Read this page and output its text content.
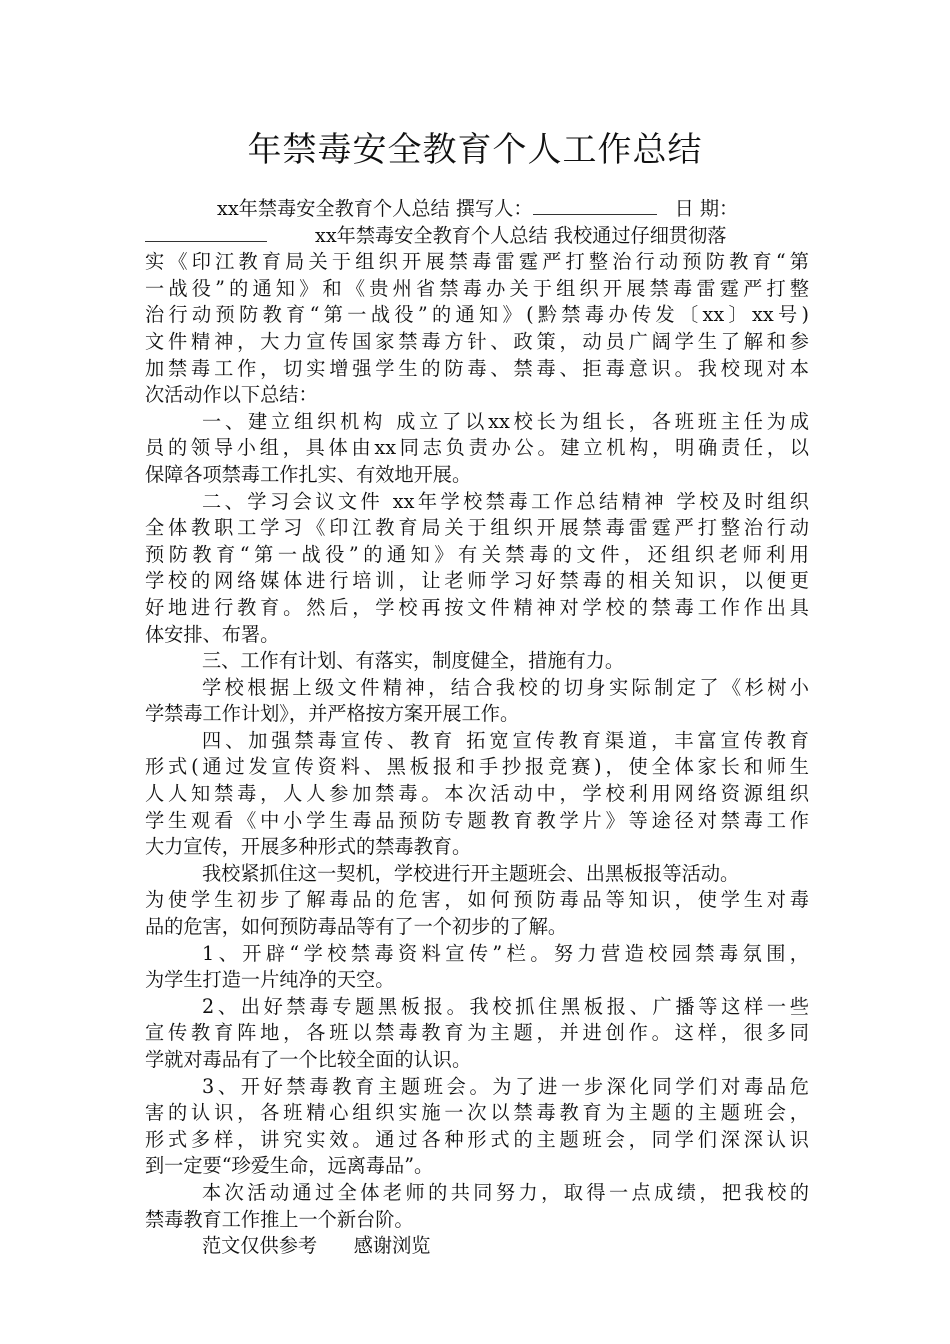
年禁毒安全教育个人工作总结
xx年禁毒安全教育个人总结 撰写人：	日 期：
xx年禁毒安全教育个人总结 我校通过仔细贯彻落
实《印江教育局关于组织开展禁毒雷霆严打整治行动预防教育“第
一战役”的通知》和《贵州省禁毒办关于组织开展禁毒雷霆严打整
治行动预防教育“第一战役”的通知》(黔禁毒办传发〔xx〕xx号)
文件精神，大力宣传国家禁毒方针、政策，动员广阔学生了解和参
加禁毒工作，切实增强学生的防毒、禁毒、拒毒意识。我校现对本
次活动作以下总结：
一、建立组织机构 成立了以xx校长为组长，各班班主任为成
员的领导小组，具体由xx同志负责办公。建立机构，明确责任，以
保障各项禁毒工作扎实、有效地开展。
二、学习会议文件 xx年学校禁毒工作总结精神 学校及时组织
全体教职工学习《印江教育局关于组织开展禁毒雷霆严打整治行动
预防教育“第一战役”的通知》有关禁毒的文件，还组织老师利用
学校的网络媒体进行培训，让老师学习好禁毒的相关知识，以便更
好地进行教育。然后，学校再按文件精神对学校的禁毒工作作出具
体安排、布署。
三、工作有计划、有落实，制度健全，措施有力。
学校根据上级文件精神，结合我校的切身实际制定了《杉树小
学禁毒工作计划》，并严格按方案开展工作。
四、加强禁毒宣传、教育 拓宽宣传教育渠道，丰富宣传教育
形式(通过发宣传资料、黑板报和手抄报竞赛)，使全体家长和师生
人人知禁毒，人人参加禁毒。本次活动中，学校利用网络资源组织
学生观看《中小学生毒品预防专题教育教学片》等途径对禁毒工作
大力宣传，开展多种形式的禁毒教育。
我校紧抓住这一契机，学校进行开主题班会、出黑板报等活动。
为使学生初步了解毒品的危害，如何预防毒品等知识，使学生对毒
品的危害，如何预防毒品等有了一个初步的了解。
1、开辟“学校禁毒资料宣传”栏。努力营造校园禁毒氛围，
为学生打造一片纯净的天空。
2、出好禁毒专题黑板报。我校抓住黑板报、广播等这样一些
宣传教育阵地，各班以禁毒教育为主题，并进创作。这样，很多同
学就对毒品有了一个比较全面的认识。
3、开好禁毒教育主题班会。为了进一步深化同学们对毒品危
害的认识，各班精心组织实施一次以禁毒教育为主题的主题班会，
形式多样，讲究实效。通过各种形式的主题班会，同学们深深认识
到一定要“珍爱生命，远离毒品”。
本次活动通过全体老师的共同努力，取得一点成绩，把我校的
禁毒教育工作推上一个新台阶。
范文仅供参考      感谢浏览
